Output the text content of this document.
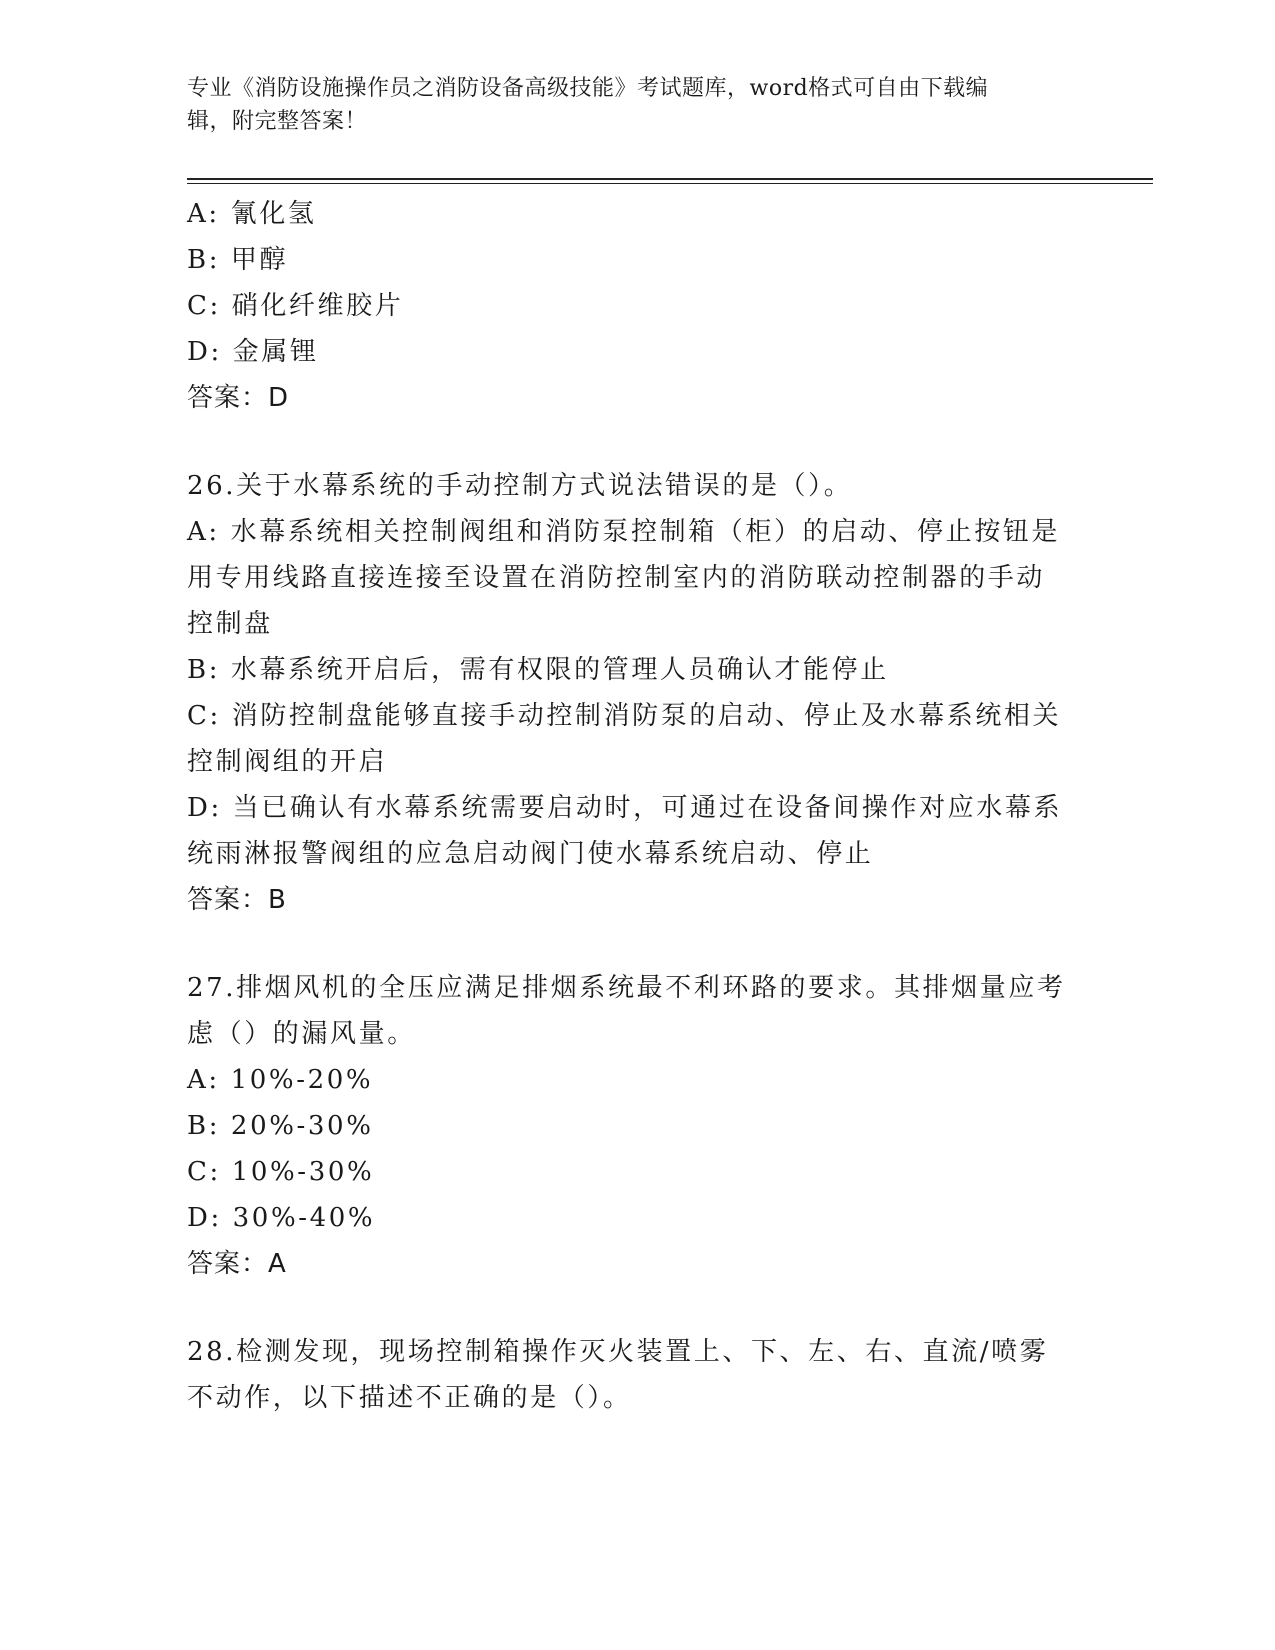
专业《消防设施操作员之消防设备高级技能》考试题库，word格式可自由下载编
辑，附完整答案！
A: 氰化氢
B: 甲醇
C: 硝化纤维胶片
D: 金属锂
答案：D
26.关于水幕系统的手动控制方式说法错误的是（）。
A: 水幕系统相关控制阀组和消防泵控制箱（柜）的启动、停止按钮是
用专用线路直接连接至设置在消防控制室内的消防联动控制器的手动
控制盘
B: 水幕系统开启后，需有权限的管理人员确认才能停止
C: 消防控制盘能够直接手动控制消防泵的启动、停止及水幕系统相关
控制阀组的开启
D: 当已确认有水幕系统需要启动时，可通过在设备间操作对应水幕系
统雨淋报警阀组的应急启动阀门使水幕系统启动、停止
答案：B
27.排烟风机的全压应满足排烟系统最不利环路的要求。其排烟量应考
虑（）的漏风量。
A: 10%-20%
B: 20%-30%
C: 10%-30%
D: 30%-40%
答案：A
28.检测发现，现场控制箱操作灭火装置上、下、左、右、直流/喷雾
不动作，以下描述不正确的是（）。
